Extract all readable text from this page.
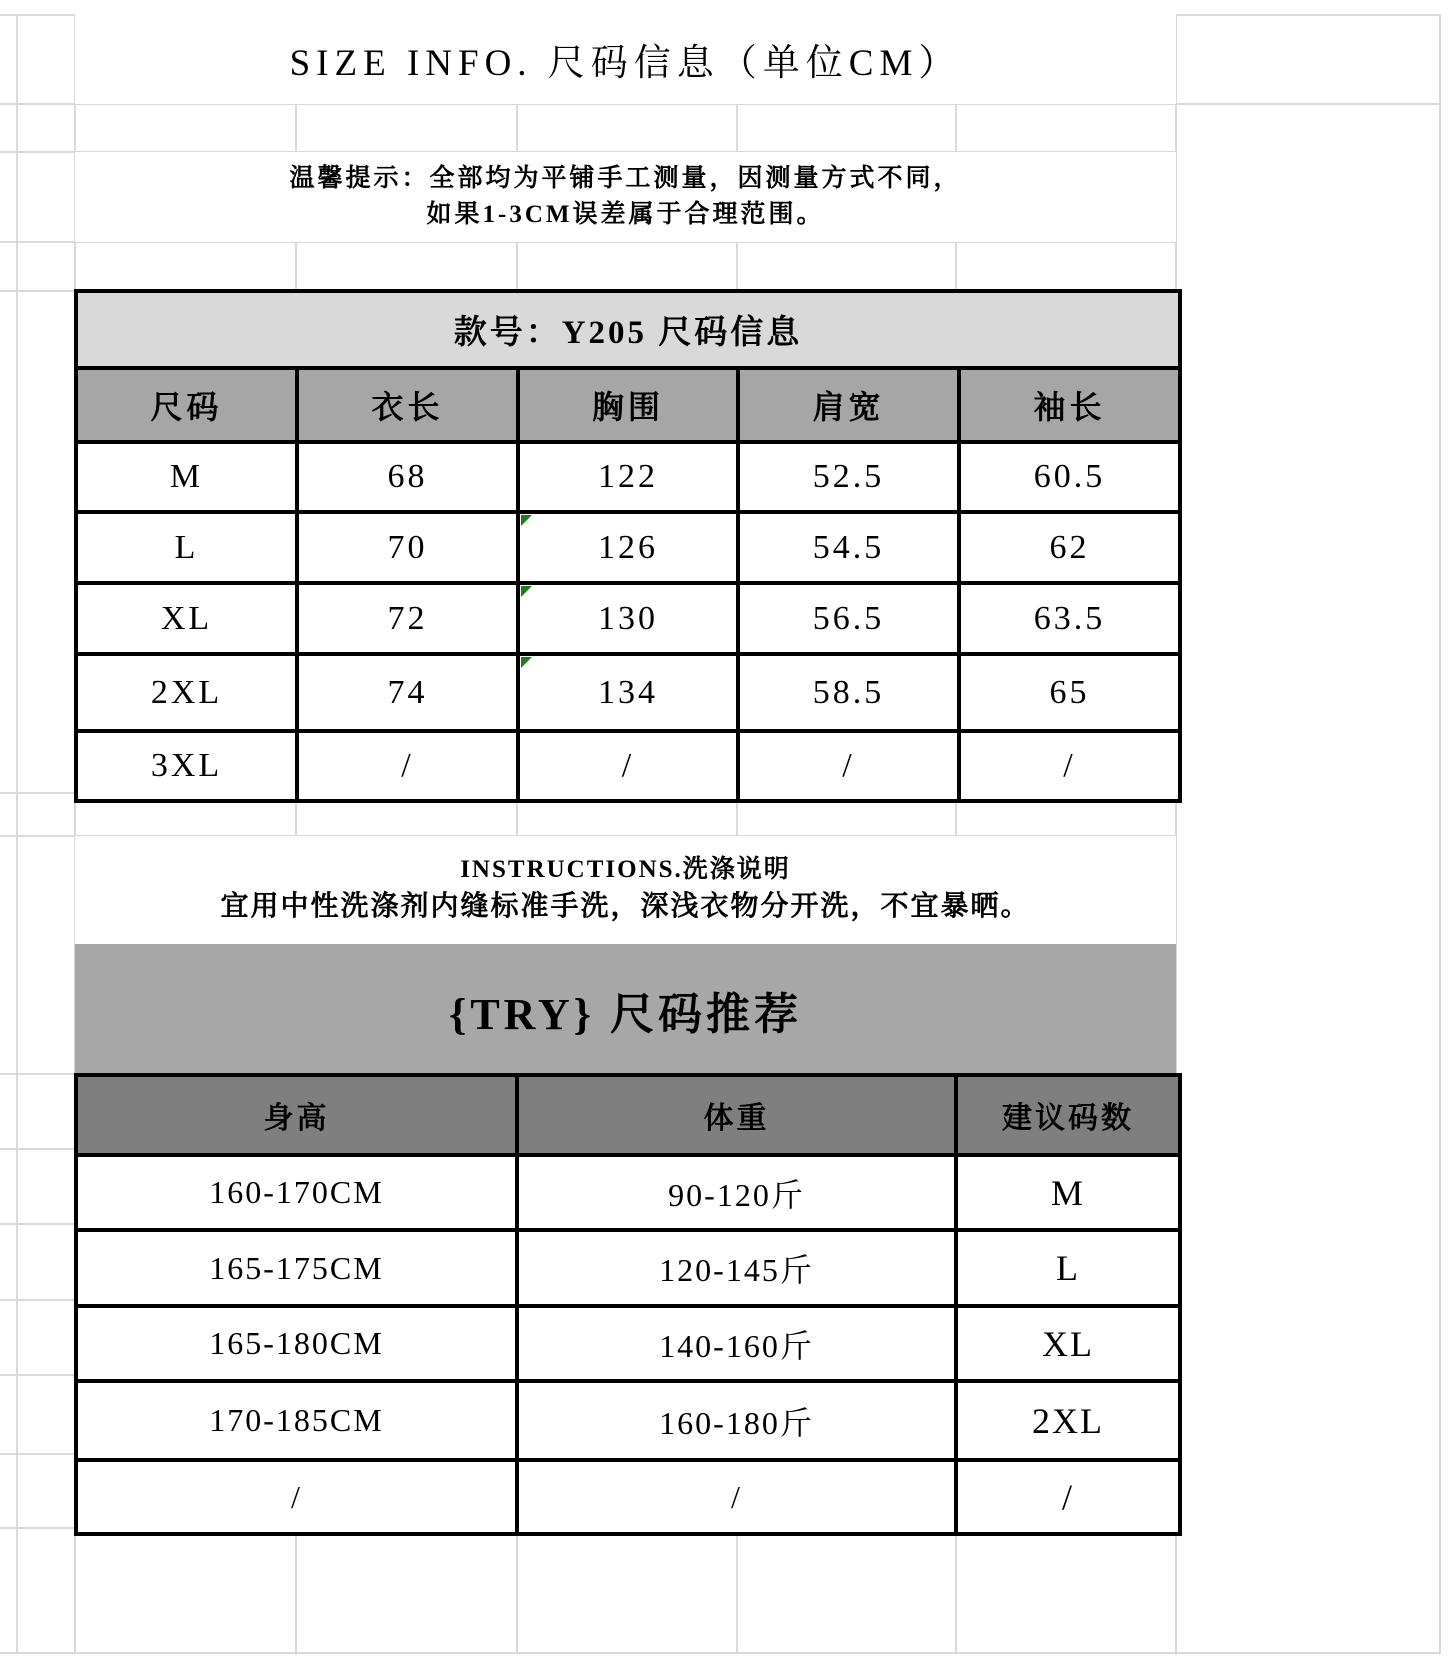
SIZE INFO. 尺码信息（单位CM）
温馨提示：全部均为平铺手工测量，因测量方式不同，
如果1-3CM误差属于合理范围。
款号：Y205 尺码信息				
尺码	衣长	胸围	肩宽	袖长
M	68	122	52.5	60.5
L	70	126	54.5	62
XL	72	130	56.5	63.5
2XL	74	134	58.5	65
3XL	/	/	/	/
INSTRUCTIONS.洗涤说明
宜用中性洗涤剂内缝标准手洗，深浅衣物分开洗，不宜暴晒。
{TRY} 尺码推荐
身高	体重	建议码数
160-170CM	90-120斤	M
165-175CM	120-145斤	L
165-180CM	140-160斤	XL
170-185CM	160-180斤	2XL
/	/	/
